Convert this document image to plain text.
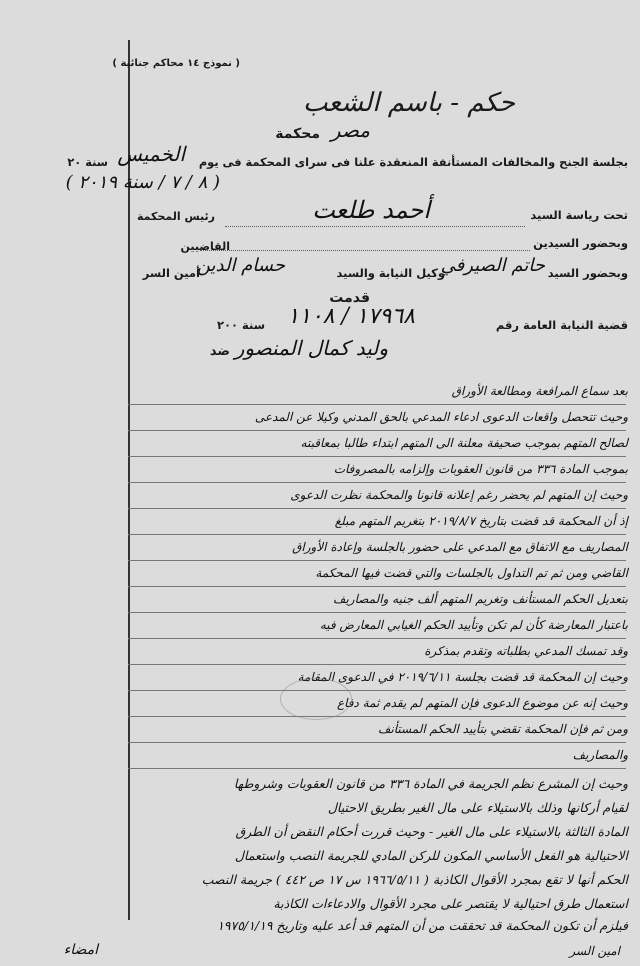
( نموذج ١٤ محاكم جنائية )
حكم - باسم الشعب
محكمة مصر
بجلسة الجنح والمخالفات المستأنفة المنعقدة علنا فى سراى المحكمة فى يوم
الخميس
سنة ٢٠
( ٨ / ٧ / سنة ٢٠١٩ )
تحت رياسة السيد
أحمد طلعت
رئيس المحكمة
وبحضور السيدين
القاضيين
وبحضور السيد
حاتم الصيرفي
وكيل النيابة والسيد
حسام الدين
أمين السر
قدمت
قضية النيابة العامة رقم
١٧٩٦٨ / ١١٠٨
سنة ٢٠٠
ضد وليد كمال المنصور
بعد سماع المرافعة ومطالعة الأوراق
وحيث تتحصل واقعات الدعوى ادعاء المدعي بالحق المدني وكيلا عن المدعى
لصالح المتهم بموجب صحيفة معلنة الى المتهم ابتداء طالبا بمعاقبته
بموجب المادة ٣٣٦ من قانون العقوبات وإلزامه بالمصروفات
وحيث إن المتهم لم يحضر رغم إعلانه قانونا والمحكمة نظرت الدعوى
إذ أن المحكمة قد قضت بتاريخ ٢٠١٩/٨/٧ بتغريم المتهم مبلغ
المصاريف مع الاتفاق مع المدعي على حضور بالجلسة وإعادة الأوراق
القاضي ومن ثم تم التداول بالجلسات والتي قضت فيها المحكمة
بتعديل الحكم المستأنف وتغريم المتهم ألف جنيه والمصاريف
باعتبار المعارضة كأن لم تكن وتأييد الحكم الغيابي المعارض فيه
وقد تمسك المدعي بطلباته وتقدم بمذكرة
وحيث إن المحكمة قد قضت بجلسة ٢٠١٩/٦/١١ في الدعوى المقامة
وحيث إنه عن موضوع الدعوى فإن المتهم لم يقدم ثمة دفاع
ومن ثم فإن المحكمة تقضي بتأييد الحكم المستأنف
والمصاريف
وحيث إن المشرع نظم الجريمة في المادة ٣٣٦ من قانون العقوبات وشروطها
لقيام أركانها وذلك بالاستيلاء على مال الغير بطريق الاحتيال
المادة الثالثة بالاستيلاء على مال الغير - وحيث قررت أحكام النقض أن الطرق
الاحتيالية هو الفعل الأساسي المكون للركن المادي للجريمة النصب واستعمال
الحكم أنها لا تقع بمجرد الأقوال الكاذبة ( ١٩٦٦/٥/١١ س ١٧ ص ٤٤٢ ) جريمة النصب
استعمال طرق احتيالية لا يقتصر على مجرد الأقوال والادعاءات الكاذبة
فيلزم أن تكون المحكمة قد تحققت من أن المتهم قد أعد عليه وتاريخ ١٩٧٥/١/١٩
امضاء	امين السر
